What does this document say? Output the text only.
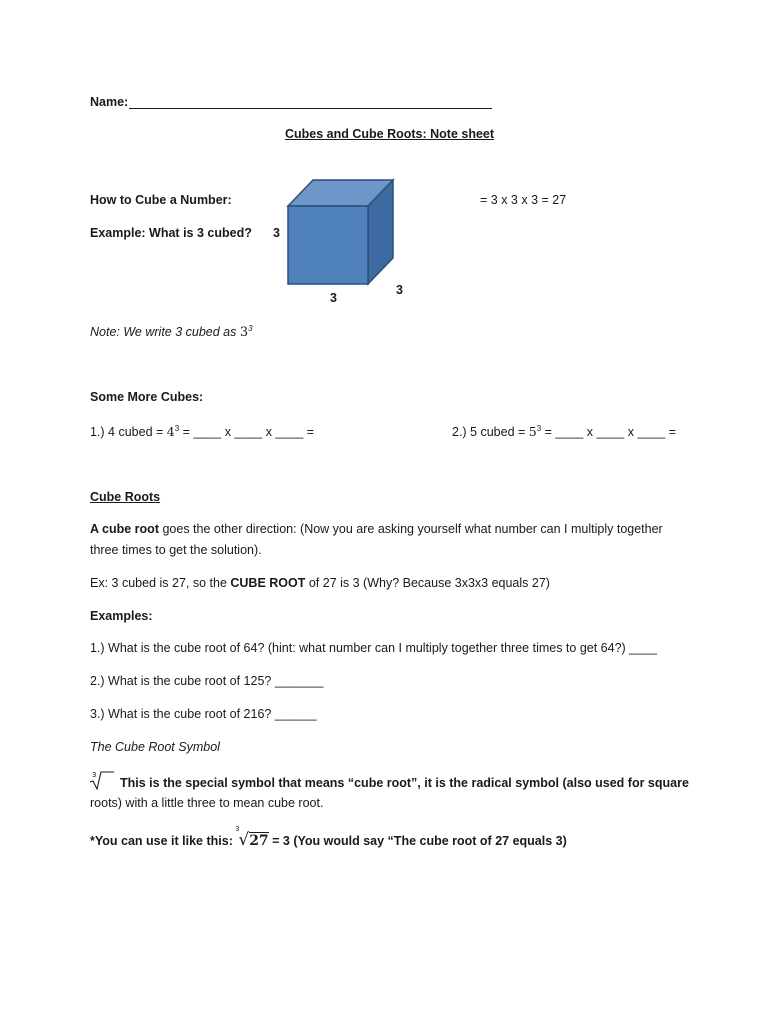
Name:
Cubes and Cube Roots: Note sheet
How to Cube a Number:
Example: What is 3 cubed?
= 3 x 3 x 3 = 27
3
3
3
Note: We write 3 cubed as $3^3$
Some More Cubes:
1.) 4 cubed = $4^3$ = ____ x ____ x ____ =	2.) 5 cubed = $5^3$ = ____ x ____ x ____ =
Cube Roots
A cube root goes the other direction: (Now you are asking yourself what number can I multiply together
three times to get the solution).
Ex: 3 cubed is 27, so the CUBE ROOT of 27 is 3 (Why? Because 3x3x3 equals 27)
Examples:
1.) What is the cube root of 64? (hint: what number can I multiply together three times to get 64?) ____
2.) What is the cube root of 125? _______
3.) What is the cube root of 216? ______
The Cube Root Symbol
3
This is the special symbol that means “cube root”, it is the radical symbol (also used for square
roots) with a little three to mean cube root.
*You can use it like this:
3
√27 = 3 (You would say “The cube root of 27 equals 3)
